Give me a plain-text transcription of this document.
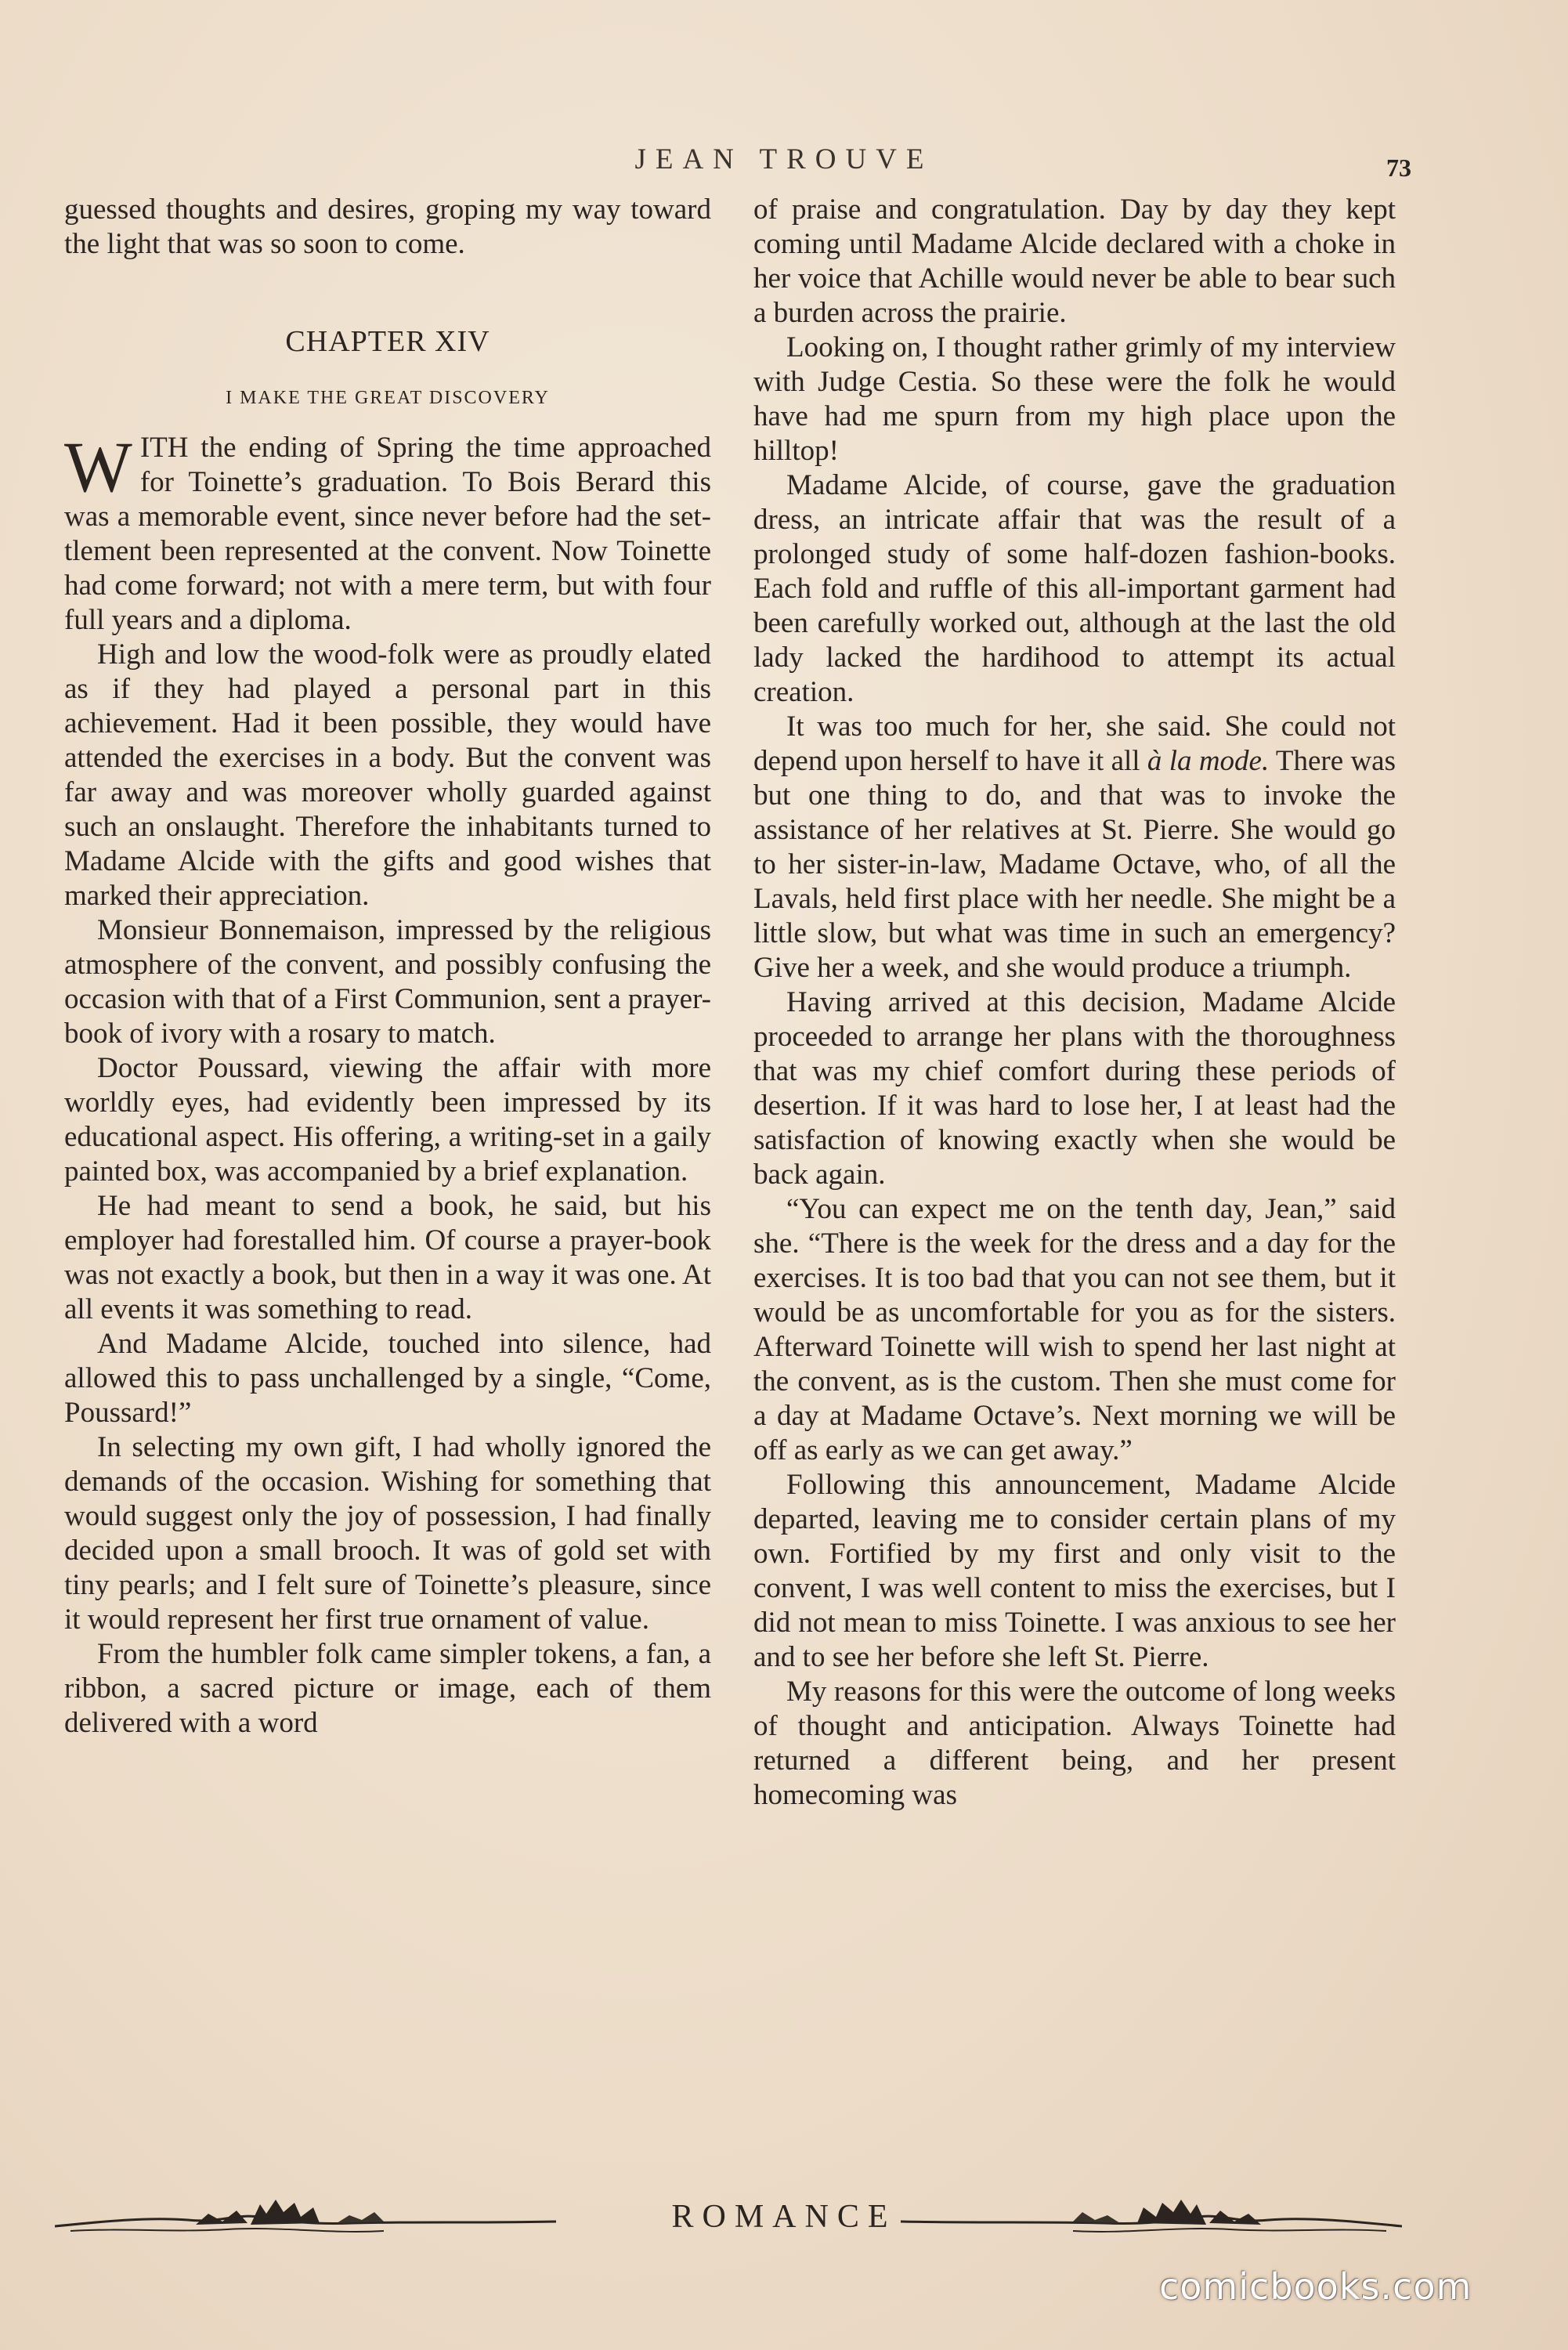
JEAN TROUVE	73

guessed thoughts and desires, groping my way toward the light that was so soon to come.

CHAPTER XIV
I MAKE THE GREAT DISCOVERY

WITH the ending of Spring the time approached for Toinette’s graduation. To Bois Berard this was a memorable event, since never before had the settlement been represented at the convent. Now Toinette had come forward; not with a mere term, but with four full years and a diploma.

High and low the wood-folk were as proudly elated as if they had played a personal part in this achievement. Had it been possible, they would have attended the exercises in a body. But the convent was far away and was moreover wholly guarded against such an onslaught. Therefore the inhabitants turned to Madame Alcide with the gifts and good wishes that marked their appreciation.

Monsieur Bonnemaison, impressed by the religious atmosphere of the convent, and possibly confusing the occasion with that of a First Communion, sent a prayer-book of ivory with a rosary to match.

Doctor Poussard, viewing the affair with more worldly eyes, had evidently been impressed by its educational aspect. His offering, a writing-set in a gaily painted box, was accompanied by a brief explanation.

He had meant to send a book, he said, but his employer had forestalled him. Of course a prayer-book was not exactly a book, but then in a way it was one. At all events it was something to read.

And Madame Alcide, touched into silence, had allowed this to pass unchallenged by a single, “Come, Poussard!”

In selecting my own gift, I had wholly ignored the demands of the occasion. Wishing for something that would suggest only the joy of possession, I had finally decided upon a small brooch. It was of gold set with tiny pearls; and I felt sure of Toinette’s pleasure, since it would represent her first true ornament of value.

From the humbler folk came simpler tokens, a fan, a ribbon, a sacred picture or image, each of them delivered with a word

of praise and congratulation. Day by day they kept coming until Madame Alcide declared with a choke in her voice that Achille would never be able to bear such a burden across the prairie.

Looking on, I thought rather grimly of my interview with Judge Cestia. So these were the folk he would have had me spurn from my high place upon the hilltop!

Madame Alcide, of course, gave the graduation dress, an intricate affair that was the result of a prolonged study of some half-dozen fashion-books. Each fold and ruffle of this all-important garment had been carefully worked out, although at the last the old lady lacked the hardihood to attempt its actual creation.

It was too much for her, she said. She could not depend upon herself to have it all à la mode. There was but one thing to do, and that was to invoke the assistance of her relatives at St. Pierre. She would go to her sister-in-law, Madame Octave, who, of all the Lavals, held first place with her needle. She might be a little slow, but what was time in such an emergency? Give her a week, and she would produce a triumph.

Having arrived at this decision, Madame Alcide proceeded to arrange her plans with the thoroughness that was my chief comfort during these periods of desertion. If it was hard to lose her, I at least had the satisfaction of knowing exactly when she would be back again.

“You can expect me on the tenth day, Jean,” said she. “There is the week for the dress and a day for the exercises. It is too bad that you can not see them, but it would be as uncomfortable for you as for the sisters. Afterward Toinette will wish to spend her last night at the convent, as is the custom. Then she must come for a day at Madame Octave’s. Next morning we will be off as early as we can get away.”

Following this announcement, Madame Alcide departed, leaving me to consider certain plans of my own. Fortified by my first and only visit to the convent, I was well content to miss the exercises, but I did not mean to miss Toinette. I was anxious to see her and to see her before she left St. Pierre.

My reasons for this were the outcome of long weeks of thought and anticipation. Always Toinette had returned a different being, and her present homecoming was

ROMANCE
comicbooks.com
